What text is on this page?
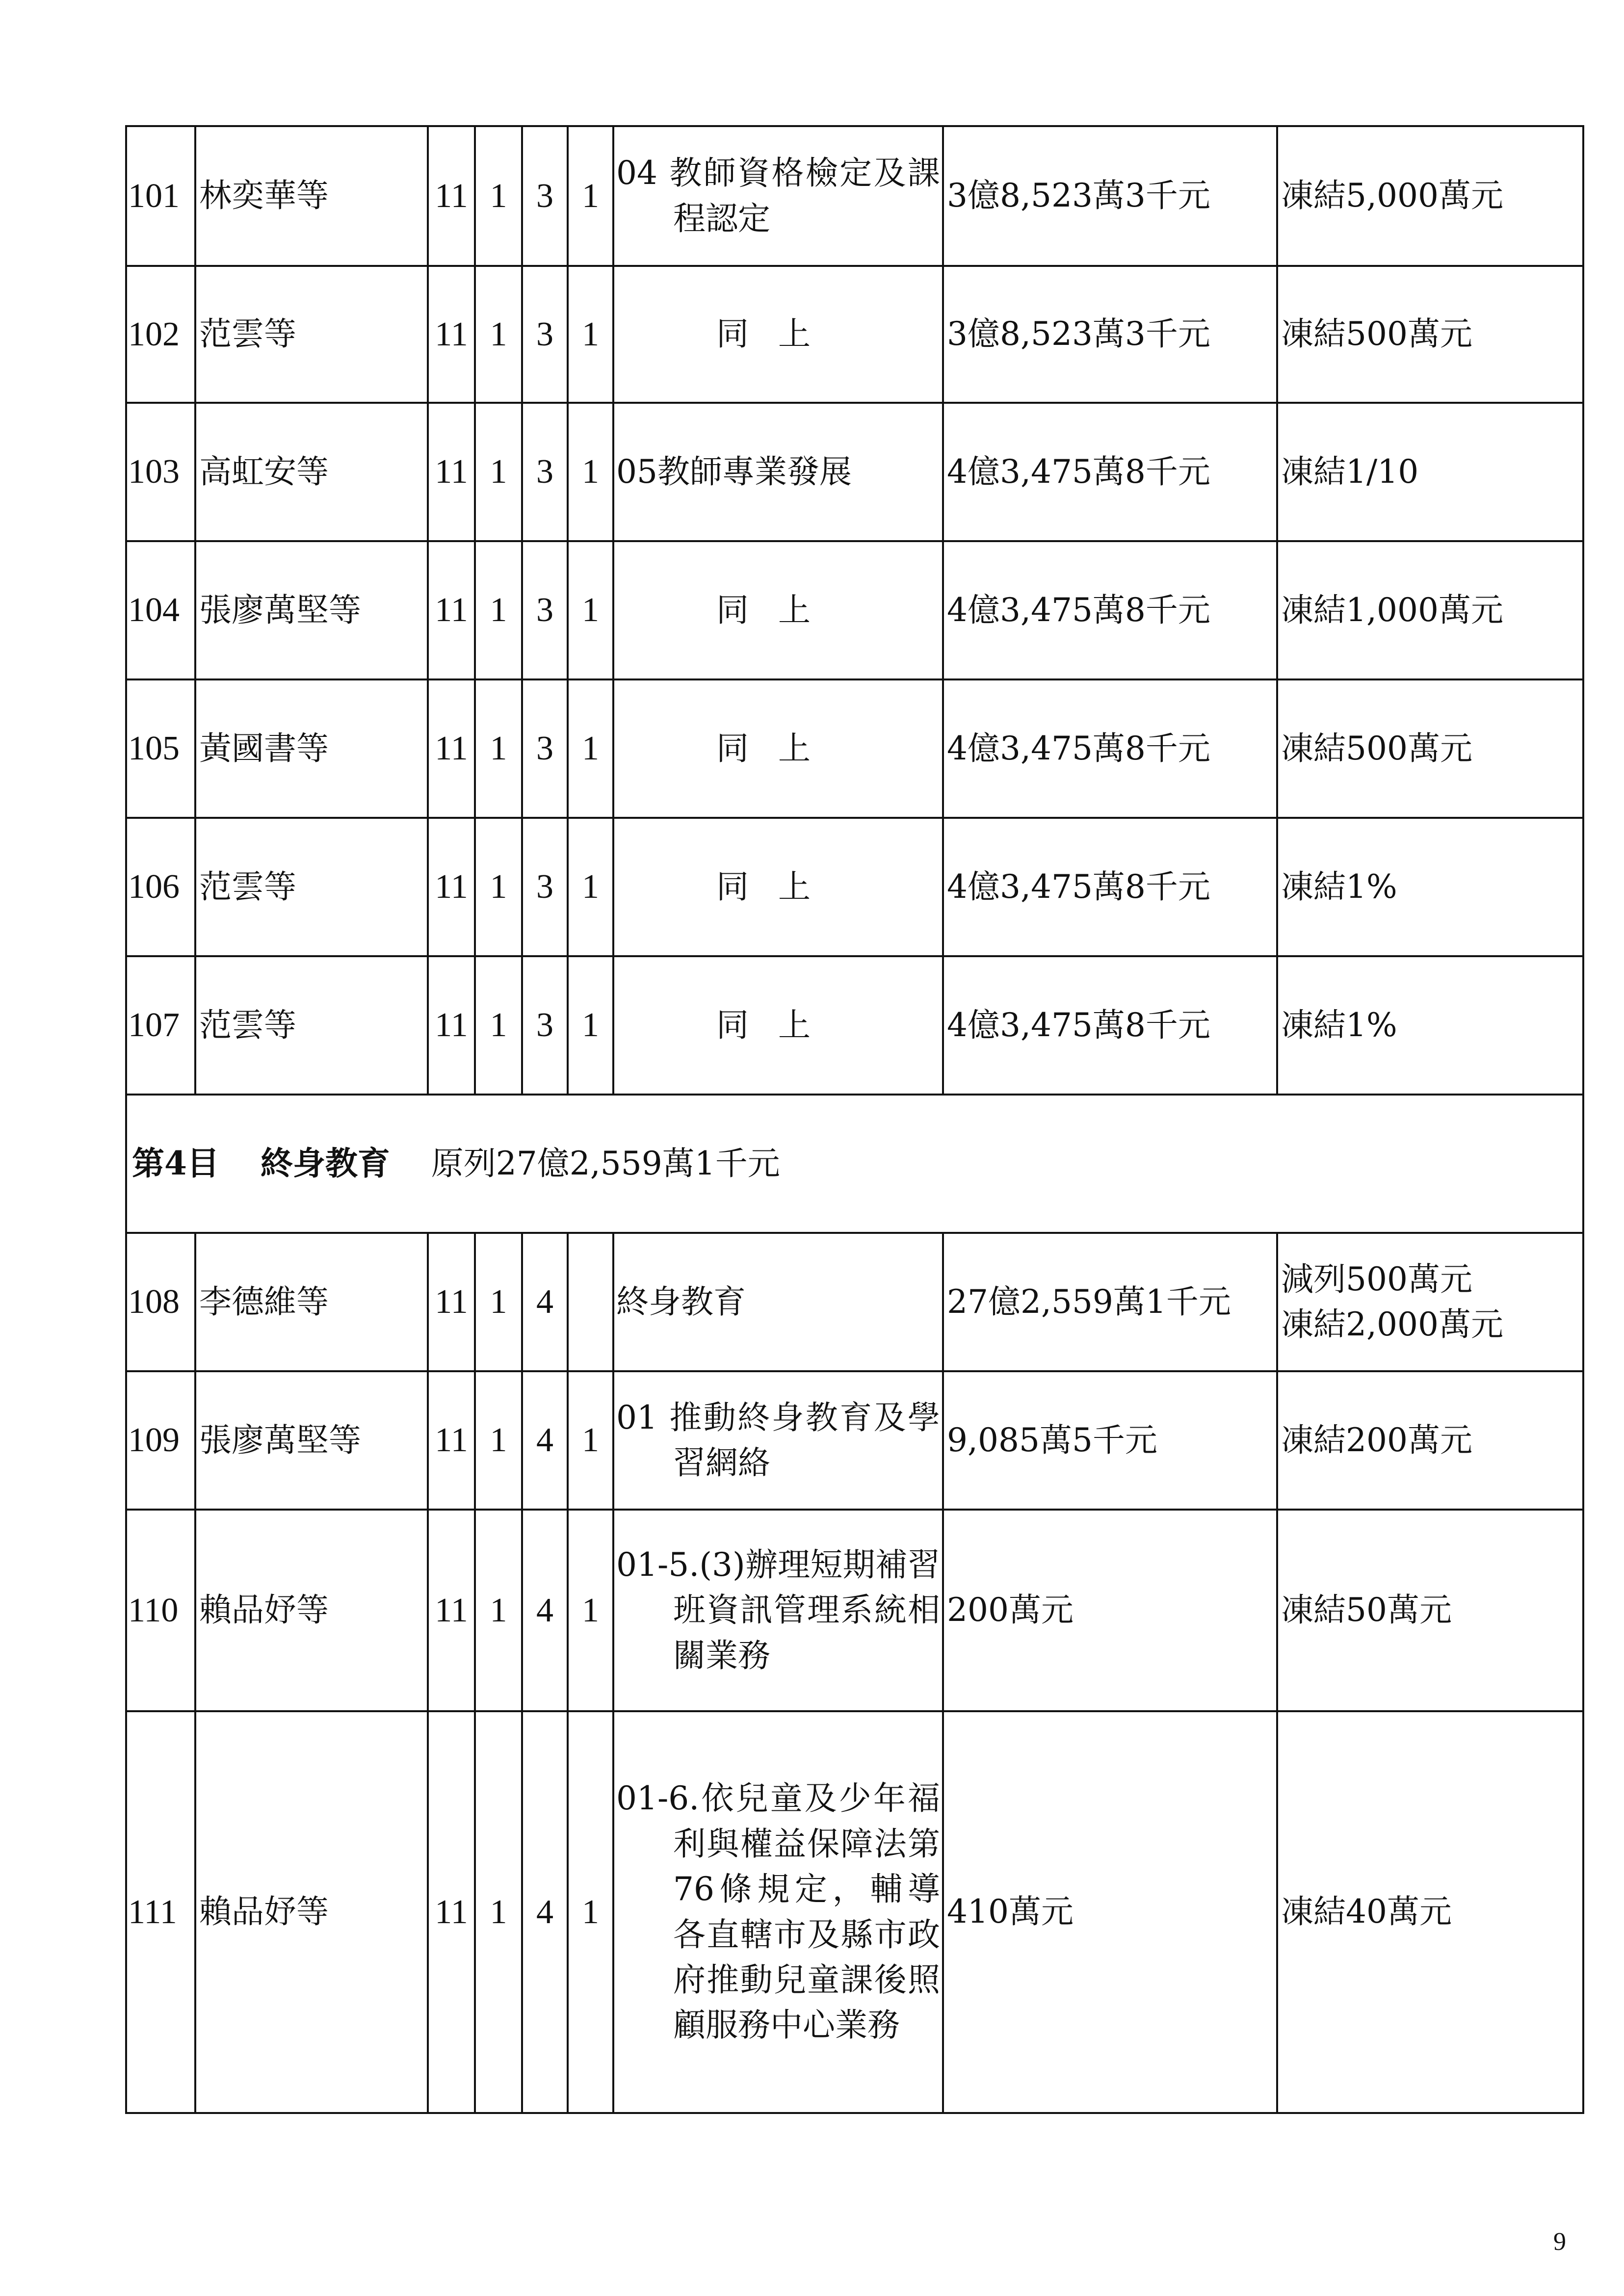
101	林奕華等	11	1	3	1	04 教師資格檢定及課程認定	3億8,523萬3千元	凍結5,000萬元
102	范雲等	11	1	3	1	同上	3億8,523萬3千元	凍結500萬元
103	高虹安等	11	1	3	1	05教師專業發展	4億3,475萬8千元	凍結1/10
104	張廖萬堅等	11	1	3	1	同上	4億3,475萬8千元	凍結1,000萬元
105	黃國書等	11	1	3	1	同上	4億3,475萬8千元	凍結500萬元
106	范雲等	11	1	3	1	同上	4億3,475萬8千元	凍結1%
107	范雲等	11	1	3	1	同上	4億3,475萬8千元	凍結1%
第4目 終身教育 原列27億2,559萬1千元								
108	李德維等	11	1	4		終身教育	27億2,559萬1千元	減列500萬元
凍結2,000萬元
109	張廖萬堅等	11	1	4	1	01 推動終身教育及學習網絡	9,085萬5千元	凍結200萬元
110	賴品妤等	11	1	4	1	01-5.(3)辦理短期補習班資訊管理系統相關業務	200萬元	凍結50萬元
111	賴品妤等	11	1	4	1	01-6.依兒童及少年福利與權益保障法第76條規定，輔導各直轄市及縣市政府推動兒童課後照顧服務中心業務	410萬元	凍結40萬元
9
